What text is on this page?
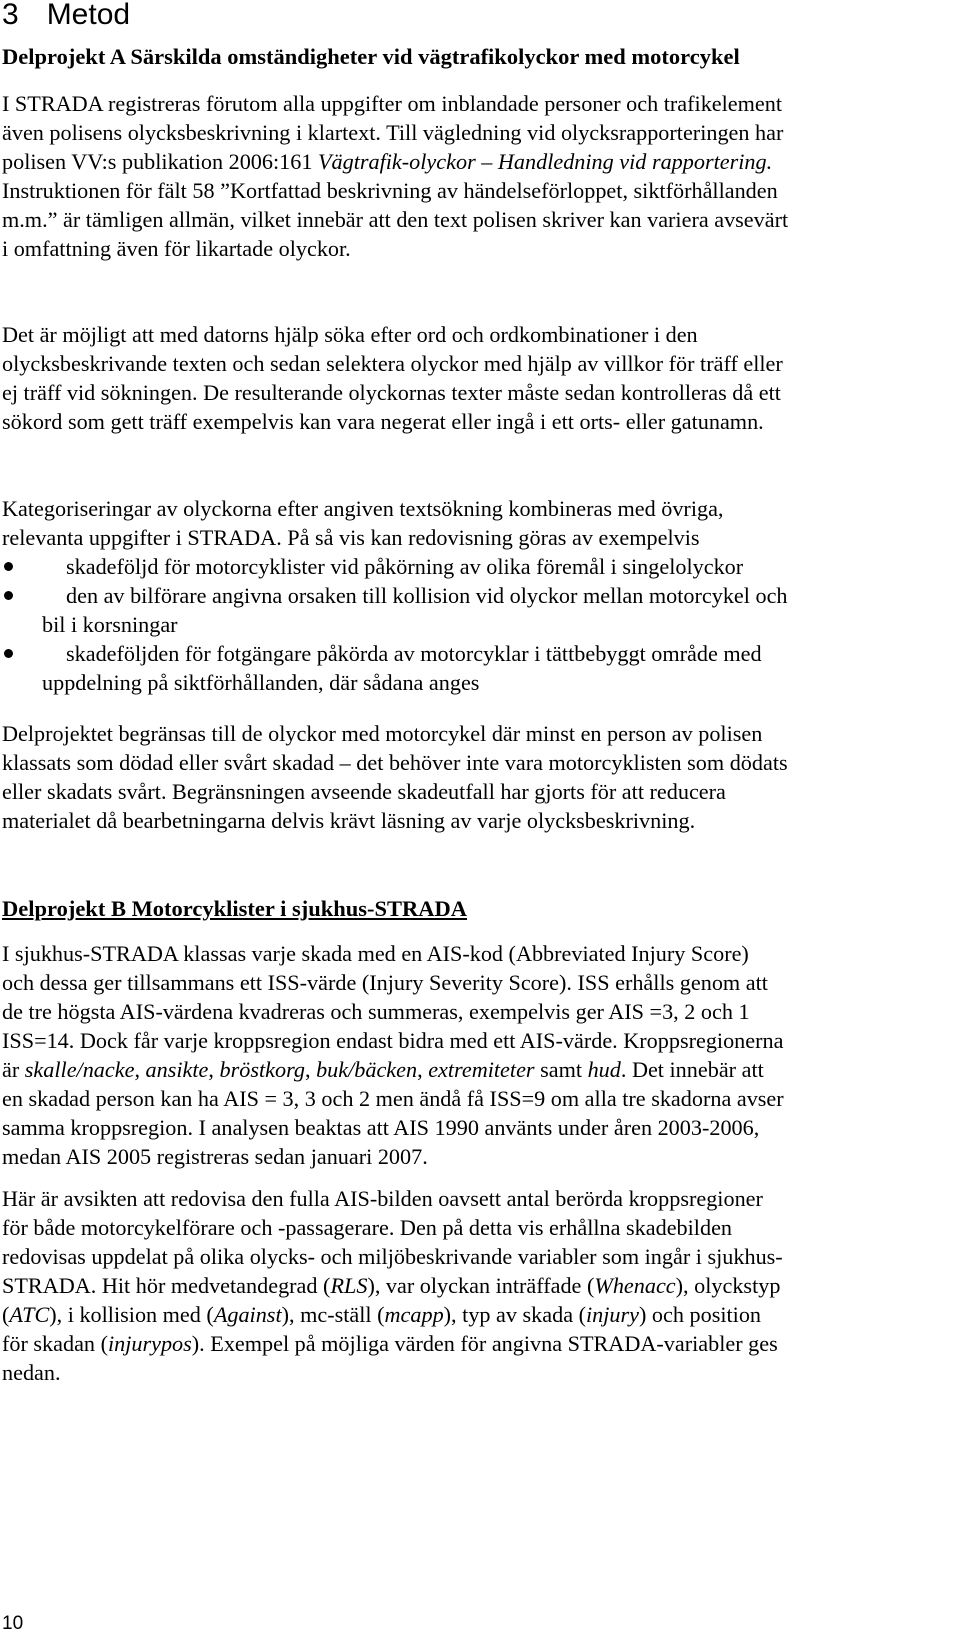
3 Metod
Delprojekt A Särskilda omständigheter vid vägtrafikolyckor med motorcykel

I STRADA registreras förutom alla uppgifter om inblandade personer och trafikelement
även polisens olycksbeskrivning i klartext. Till vägledning vid olycksrapporteringen har
polisen VV:s publikation 2006:161 Vägtrafik-olyckor – Handledning vid rapportering.
Instruktionen för fält 58 ”Kortfattad beskrivning av händelseförloppet, siktförhållanden
m.m.” är tämligen allmän, vilket innebär att den text polisen skriver kan variera avsevärt
i omfattning även för likartade olyckor.

Det är möjligt att med datorns hjälp söka efter ord och ordkombinationer i den
olycksbeskrivande texten och sedan selektera olyckor med hjälp av villkor för träff eller
ej träff vid sökningen. De resulterande olyckornas texter måste sedan kontrolleras då ett
sökord som gett träff exempelvis kan vara negerat eller ingå i ett orts- eller gatunamn.

Kategoriseringar av olyckorna efter angiven textsökning kombineras med övriga,
relevanta uppgifter i STRADA. På så vis kan redovisning göras av exempelvis

skadeföljd för motorcyklister vid påkörning av olika föremål i singelolyckor
den av bilförare angivna orsaken till kollision vid olyckor mellan motorcykel och
bil i korsningar
skadeföljden för fotgängare påkörda av motorcyklar i tättbebyggt område med
uppdelning på siktförhållanden, där sådana anges

Delprojektet begränsas till de olyckor med motorcykel där minst en person av polisen
klassats som dödad eller svårt skadad – det behöver inte vara motorcyklisten som dödats
eller skadats svårt. Begränsningen avseende skadeutfall har gjorts för att reducera
materialet då bearbetningarna delvis krävt läsning av varje olycksbeskrivning.

Delprojekt B Motorcyklister i sjukhus-STRADA

I sjukhus-STRADA klassas varje skada med en AIS-kod (Abbreviated Injury Score)
och dessa ger tillsammans ett ISS-värde (Injury Severity Score). ISS erhålls genom att
de tre högsta AIS-värdena kvadreras och summeras, exempelvis ger AIS =3, 2 och 1
ISS=14. Dock får varje kroppsregion endast bidra med ett AIS-värde. Kroppsregionerna
är skalle/nacke, ansikte, bröstkorg, buk/bäcken, extremiteter samt hud. Det innebär att
en skadad person kan ha AIS = 3, 3 och 2 men ändå få ISS=9 om alla tre skadorna avser
samma kroppsregion. I analysen beaktas att AIS 1990 använts under åren 2003-2006,
medan AIS 2005 registreras sedan januari 2007.

Här är avsikten att redovisa den fulla AIS-bilden oavsett antal berörda kroppsregioner
för både motorcykelförare och -passagerare. Den på detta vis erhållna skadebilden
redovisas uppdelat på olika olycks- och miljöbeskrivande variabler som ingår i sjukhus-
STRADA. Hit hör medvetandegrad (RLS), var olyckan inträffade (Whenacc), olyckstyp
(ATC), i kollision med (Against), mc-ställ (mcapp), typ av skada (injury) och position
för skadan (injurypos). Exempel på möjliga värden för angivna STRADA-variabler ges
nedan.

10
